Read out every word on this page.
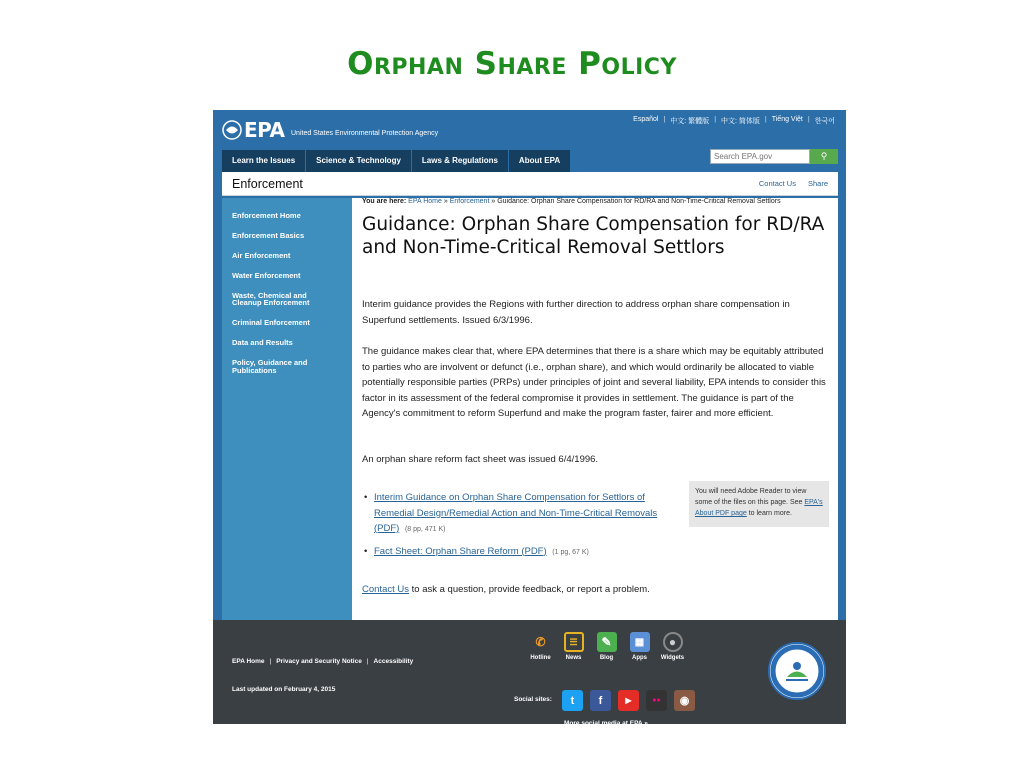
Orphan Share Policy
EPA United States Environmental Protection Agency
Español | 中文: 繁體版 | 中文: 简体版 | Tiếng Việt | 한국어
Learn the Issues	Science & Technology	Laws & Regulations	About EPA
Search EPA.gov	⚲
Enforcement	Contact Us Share
Enforcement Home
Enforcement Basics
Air Enforcement
Water Enforcement
Waste, Chemical and Cleanup Enforcement
Criminal Enforcement
Data and Results
Policy, Guidance and Publications
You are here: EPA Home » Enforcement » Guidance: Orphan Share Compensation for RD/RA and Non-Time-Critical Removal Settlors
Guidance: Orphan Share Compensation for RD/RA and Non-Time-Critical Removal Settlors

Interim guidance provides the Regions with further direction to address orphan share compensation in Superfund settlements. Issued 6/3/1996.

The guidance makes clear that, where EPA determines that there is a share which may be equitably attributed to parties who are involvent or defunct (i.e., orphan share), and which would ordinarily be allocated to viable potentially responsible parties (PRPs) under principles of joint and several liability, EPA intends to consider this factor in its assessment of the federal compromise it provides in settlement. The guidance is part of the Agency's commitment to reform Superfund and make the program faster, fairer and more efficient.

An orphan share reform fact sheet was issued 6/4/1996.

• Interim Guidance on Orphan Share Compensation for Settlors of Remedial Design/Remedial Action and Non-Time-Critical Removals (PDF) (8 pp, 471 K)
• Fact Sheet: Orphan Share Reform (PDF) (1 pg, 67 K)
You will need Adobe Reader to view some of the files on this page. See EPA's About PDF page to learn more.

Contact Us to ask a question, provide feedback, or report a problem.

EPA Home | Privacy and Security Notice | Accessibility
Last updated on February 4, 2015
✆
Hotline
☰
News
✎
Blog
▦
Apps
●
Widgets
Social sites:	t	f	▶	●●	◉
More social media at EPA »
